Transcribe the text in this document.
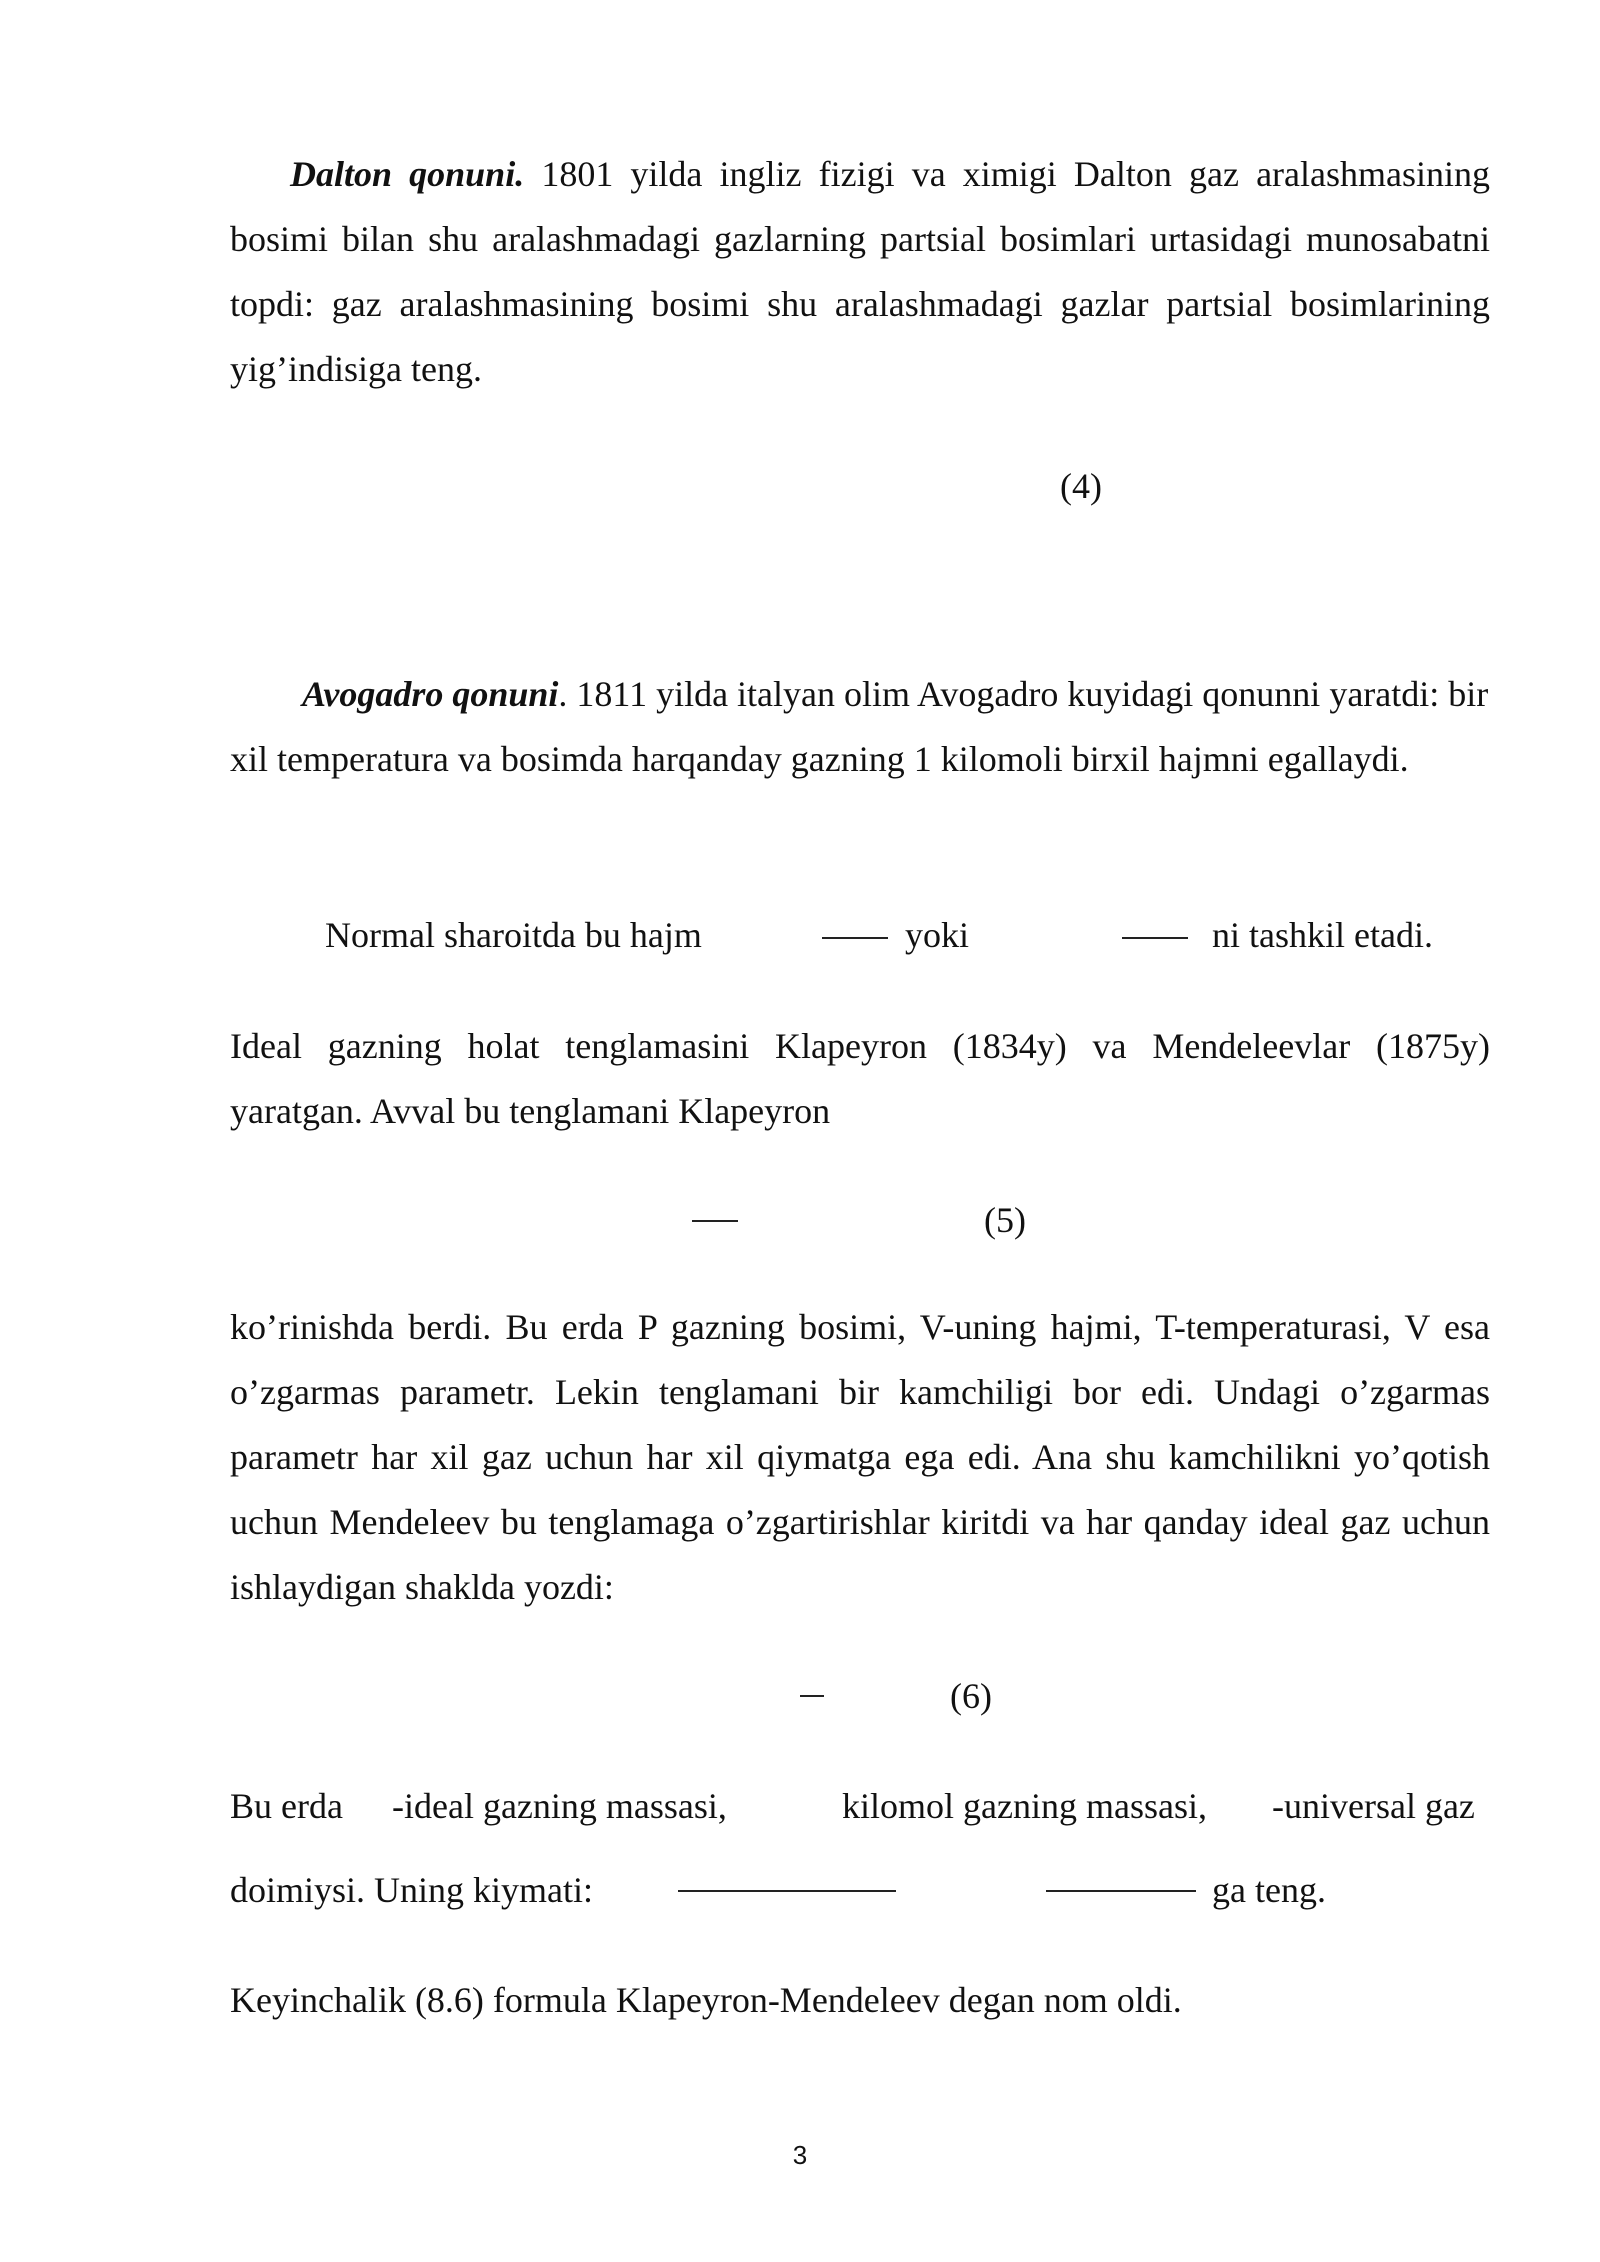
Dalton qonuni. 1801 yilda ingliz fizigi va ximigi Dalton gaz aralashmasining bosimi bilan shu aralashmadagi gazlarning partsial bosimlari urtasidagi munosabatni topdi: gaz aralashmasining bosimi shu aralashmadagi gazlar partsial bosimlarining yig’indisiga teng.

(4)

Avogadro qonuni. 1811 yilda italyan olim Avogadro kuyidagi qonunni yaratdi: bir xil temperatura va bosimda harqanday gazning 1 kilomoli birxil hajmni egallaydi.

Normal sharoitda bu hajm	yoki	ni tashkil etadi.

Ideal gazning holat tenglamasini Klapeyron (1834y) va Mendeleevlar (1875y) yaratgan. Avval bu tenglamani Klapeyron

(5)

ko’rinishda berdi. Bu erda P gazning bosimi, V-uning hajmi, T-temperaturasi, V esa o’zgarmas parametr. Lekin tenglamani bir kamchiligi bor edi. Undagi o’zgarmas parametr har xil gaz uchun har xil qiymatga ega edi. Ana shu kamchilikni yo’qotish uchun Mendeleev bu tenglamaga o’zgartirishlar kiritdi va har qanday ideal gaz uchun ishlaydigan shaklda yozdi:

(6)
Bu erda -ideal gazning massasi,	kilomol gazning massasi, -universal gaz
doimiysi. Uning kiymati:	ga teng.
Keyinchalik (8.6) formula Klapeyron-Mendeleev degan nom oldi.
3
